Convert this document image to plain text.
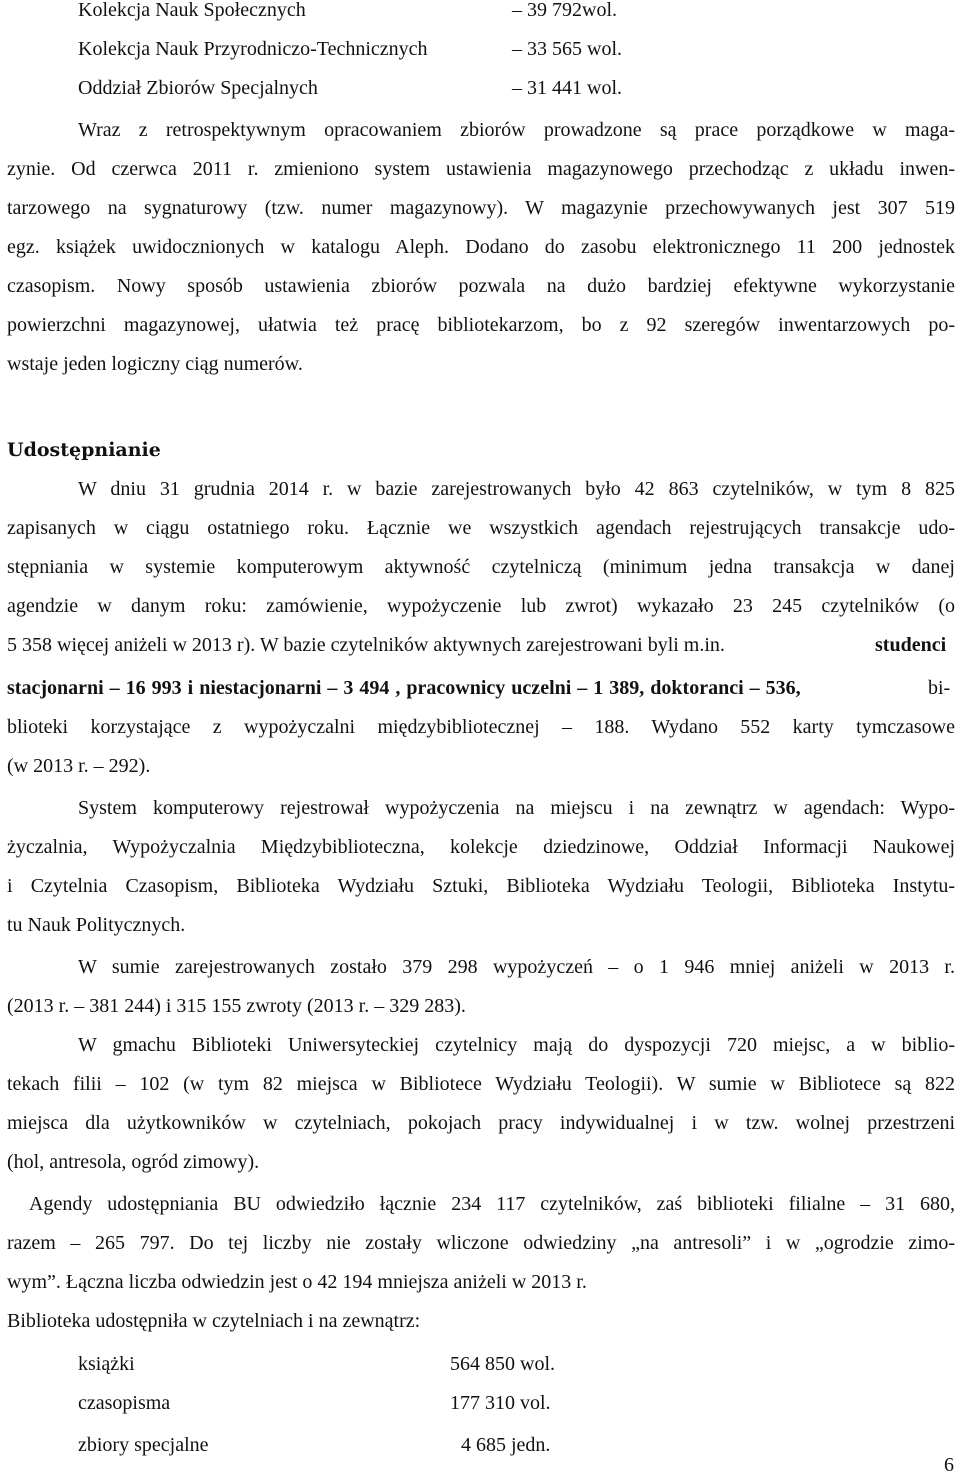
Kolekcja Nauk Społecznych	– 39 792wol.
Kolekcja Nauk Przyrodniczo-Technicznych	– 33 565 wol.
Oddział Zbiorów Specjalnych	– 31 441 wol.
Wraz z retrospektywnym opracowaniem zbiorów prowadzone są prace porządkowe w maga-
zynie. Od czerwca 2011 r. zmieniono system ustawienia magazynowego przechodząc z układu inwen-
tarzowego na sygnaturowy (tzw. numer magazynowy). W magazynie przechowywanych jest 307 519
egz. książek uwidocznionych w katalogu Aleph. Dodano do zasobu elektronicznego 11 200 jednostek
czasopism. Nowy sposób ustawienia zbiorów pozwala na dużo bardziej efektywne wykorzystanie
powierzchni magazynowej, ułatwia też pracę bibliotekarzom, bo z 92 szeregów inwentarzowych po-
wstaje jeden logiczny ciąg numerów.
Udostępnianie
W dniu 31 grudnia 2014 r. w bazie zarejestrowanych było 42 863 czytelników, w tym 8 825
zapisanych w ciągu ostatniego roku. Łącznie we wszystkich agendach rejestrujących transakcje udo-
stępniania w systemie komputerowym aktywność czytelniczą (minimum jedna transakcja w danej
agendzie w danym roku: zamówienie, wypożyczenie lub zwrot) wykazało 23 245 czytelników (o
5 358 więcej aniżeli w 2013 r). W bazie czytelników aktywnych zarejestrowani byli m.in.	studenci
stacjonarni – 16 993 i niestacjonarni – 3 494 , pracownicy uczelni – 1 389, doktoranci – 536,	bi-
blioteki korzystające z wypożyczalni międzybibliotecznej – 188. Wydano 552 karty tymczasowe
(w 2013 r. – 292).
System komputerowy rejestrował wypożyczenia na miejscu i na zewnątrz w agendach: Wypo-
życzalnia, Wypożyczalnia Międzybiblioteczna, kolekcje dziedzinowe, Oddział Informacji Naukowej
i Czytelnia Czasopism, Biblioteka Wydziału Sztuki, Biblioteka Wydziału Teologii, Biblioteka Instytu-
tu Nauk Politycznych.
W sumie zarejestrowanych zostało 379 298 wypożyczeń – o 1 946 mniej aniżeli w 2013 r.
(2013 r. – 381 244) i 315 155 zwroty (2013 r. – 329 283).
W gmachu Biblioteki Uniwersyteckiej czytelnicy mają do dyspozycji 720 miejsc, a w biblio-
tekach filii – 102 (w tym 82 miejsca w Bibliotece Wydziału Teologii). W sumie w Bibliotece są 822
miejsca dla użytkowników w czytelniach, pokojach pracy indywidualnej i w tzw. wolnej przestrzeni
(hol, antresola, ogród zimowy).
Agendy udostępniania BU odwiedziło łącznie 234 117 czytelników, zaś biblioteki filialne – 31 680,
razem – 265 797. Do tej liczby nie zostały wliczone odwiedziny „na antresoli” i w „ogrodzie zimo-
wym”. Łączna liczba odwiedzin jest o 42 194 mniejsza aniżeli w 2013 r.
Biblioteka udostępniła w czytelniach i na zewnątrz:
książki	564 850 wol.
czasopisma	177 310 vol.
zbiory specjalne	4 685 jedn.
6
